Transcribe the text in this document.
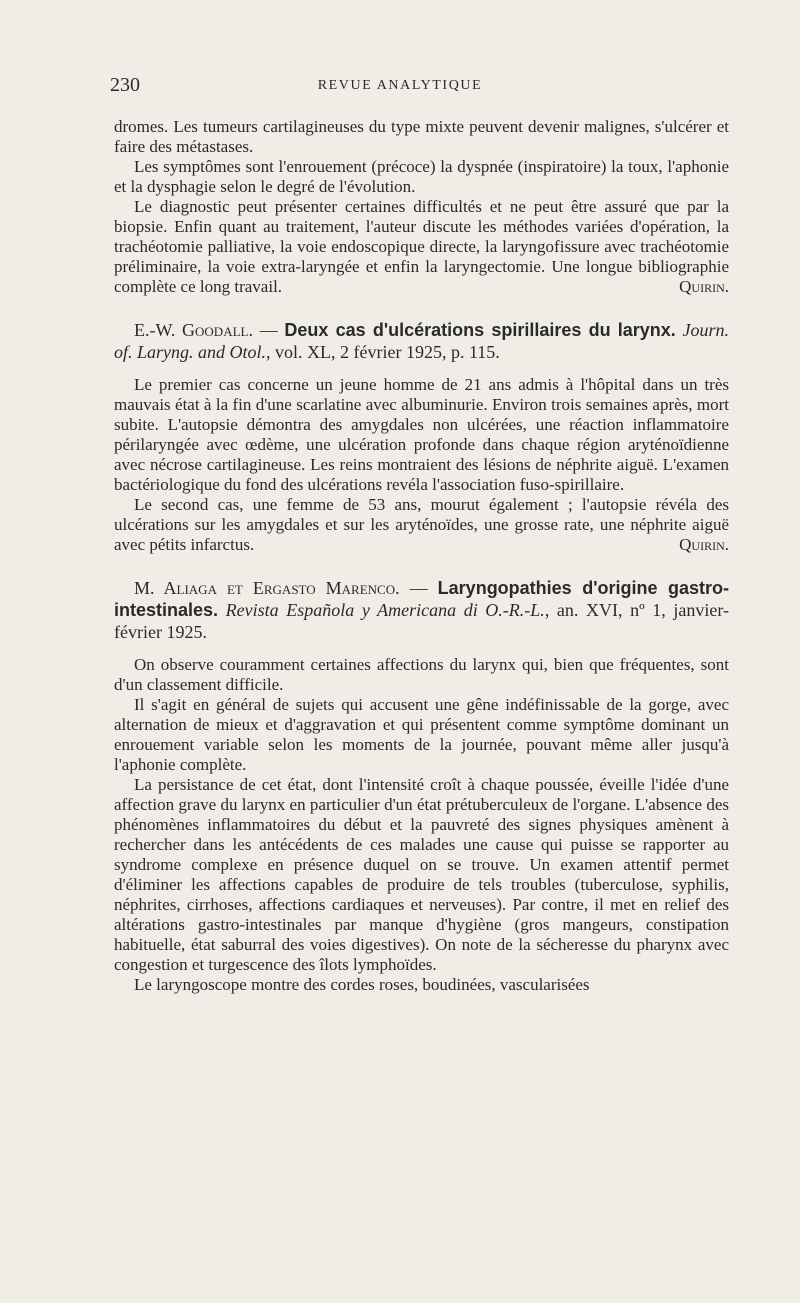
230	REVUE ANALYTIQUE

dromes. Les tumeurs cartilagineuses du type mixte peuvent devenir malignes, s'ulcérer et faire des métastases.

Les symptômes sont l'enrouement (précoce) la dyspnée (inspiratoire) la toux, l'aphonie et la dysphagie selon le degré de l'évolution.

Le diagnostic peut présenter certaines difficultés et ne peut être assuré que par la biopsie. Enfin quant au traitement, l'auteur discute les méthodes variées d'opération, la trachéotomie palliative, la voie endoscopique directe, la laryngofissure avec trachéotomie préliminaire, la voie extra-laryngée et enfin la laryngectomie. Une longue bibliographie complète ce long travail.	Quirin.

E.-W. Goodall. — Deux cas d'ulcérations spirillaires du larynx. Journ. of. Laryng. and Otol., vol. XL, 2 février 1925, p. 115.

Le premier cas concerne un jeune homme de 21 ans admis à l'hôpital dans un très mauvais état à la fin d'une scarlatine avec albuminurie. Environ trois semaines après, mort subite. L'autopsie démontra des amygdales non ulcérées, une réaction inflammatoire périlaryngée avec œdème, une ulcération profonde dans chaque région aryténoïdienne avec nécrose cartilagineuse. Les reins montraient des lésions de néphrite aiguë. L'examen bactériologique du fond des ulcérations revéla l'association fuso-spirillaire.

Le second cas, une femme de 53 ans, mourut également ; l'autopsie révéla des ulcérations sur les amygdales et sur les aryténoïdes, une grosse rate, une néphrite aiguë avec pétits infarctus.	Quirin.

M. Aliaga et Ergasto Marenco. — Laryngopathies d'origine gastro-intestinales. Revista Española y Americana di O.-R.-L., an. XVI, nº 1, janvier-février 1925.

On observe couramment certaines affections du larynx qui, bien que fréquentes, sont d'un classement difficile.

Il s'agit en général de sujets qui accusent une gêne indéfinissable de la gorge, avec alternation de mieux et d'aggravation et qui présentent comme symptôme dominant un enrouement variable selon les moments de la journée, pouvant même aller jusqu'à l'aphonie complète.

La persistance de cet état, dont l'intensité croît à chaque poussée, éveille l'idée d'une affection grave du larynx en particulier d'un état prétuberculeux de l'organe. L'absence des phénomènes inflammatoires du début et la pauvreté des signes physiques amènent à rechercher dans les antécédents de ces malades une cause qui puisse se rapporter au syndrome complexe en présence duquel on se trouve. Un examen attentif permet d'éliminer les affections capables de produire de tels troubles (tuberculose, syphilis, néphrites, cirrhoses, affections cardiaques et nerveuses). Par contre, il met en relief des altérations gastro-intestinales par manque d'hygiène (gros mangeurs, constipation habituelle, état saburral des voies digestives). On note de la sécheresse du pharynx avec congestion et turgescence des îlots lymphoïdes.

Le laryngoscope montre des cordes roses, boudinées, vascularisées
